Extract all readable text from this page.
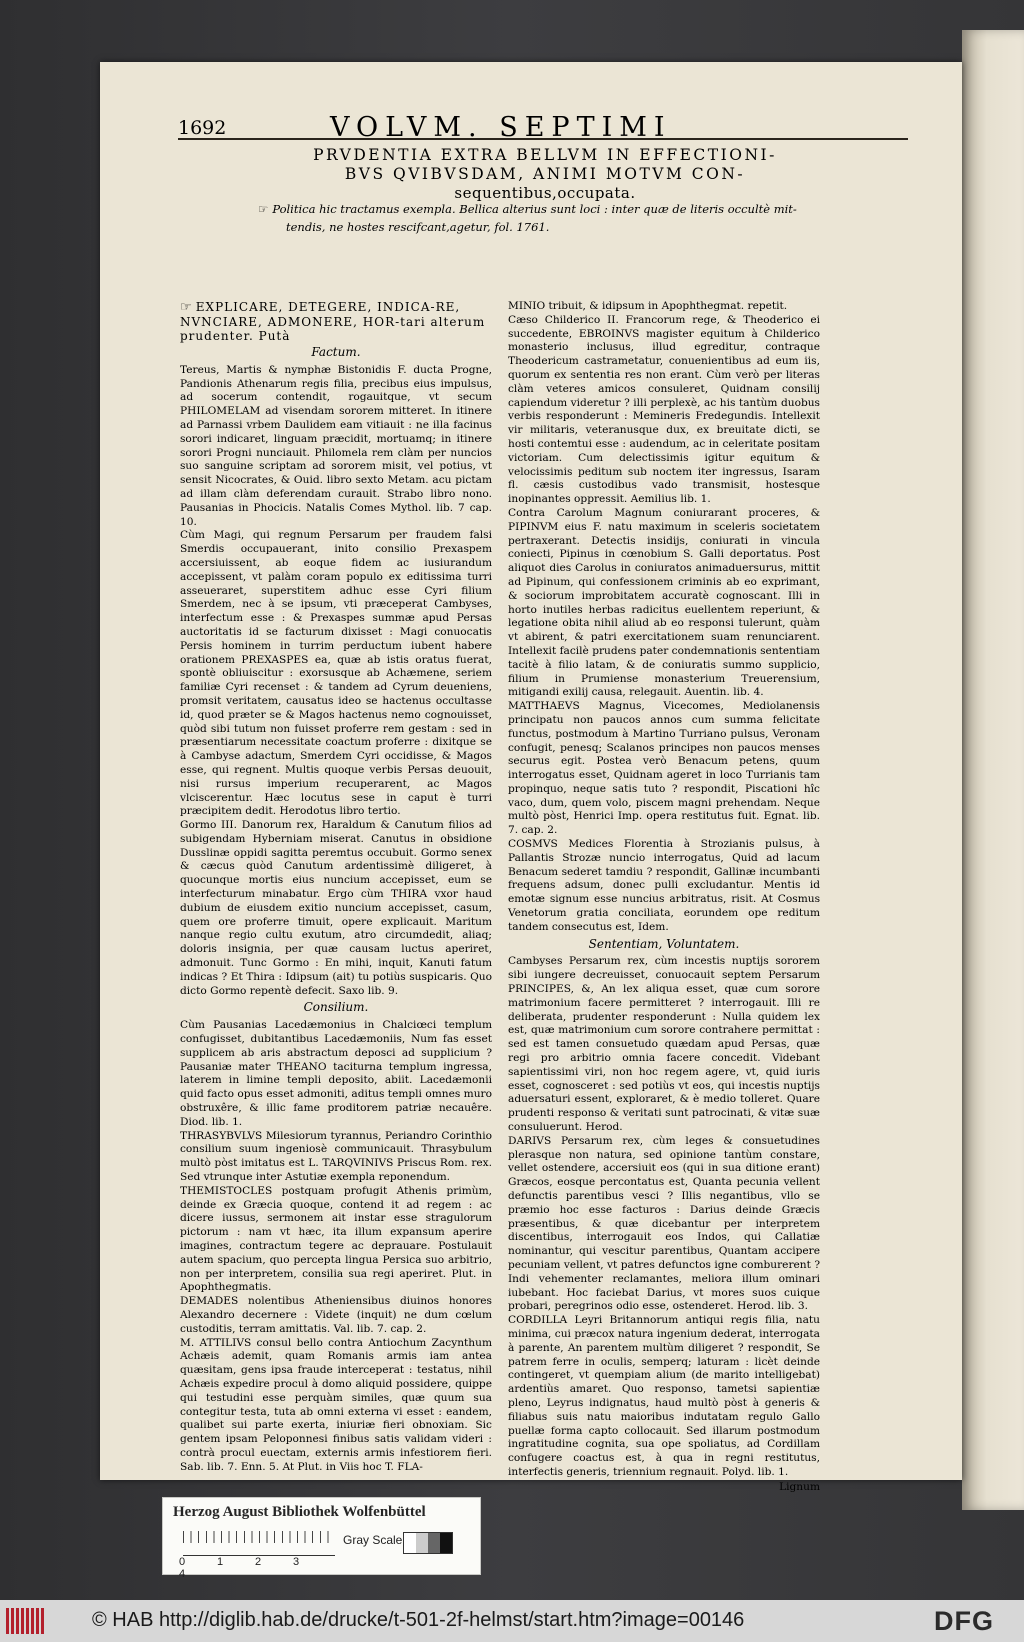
1692	VOLVM. SEPTIMI
PRVDENTIA EXTRA BELLVM IN EFFECTIONI-
BVS QVIBVSDAM, ANIMI MOTVM CON-
sequentibus,occupata.
☞ Politica hic tractamus exempla. Bellica alterius sunt loci : inter quæ de literis occultè mit-
tendis, ne hostes rescifcant,agetur, fol. 1761.

☞ EXPLICARE, DETEGERE, INDICA-RE, NVNCIARE, ADMONERE, HOR-tari alterum prudenter. Putà

Factum.

Tereus, Martis & nymphæ Bistonidis F. ducta Progne, Pandionis Athenarum regis filia, precibus eius impulsus, ad socerum contendit, rogauitque, vt secum PHILOMELAM ad visendam sororem mitteret. In itinere ad Parnassi vrbem Daulidem eam vitiauit : ne illa facinus sorori indicaret, linguam præcidit, mortuamq; in itinere sorori Progni nunciauit. Philomela rem clàm per nuncios suo sanguine scriptam ad sororem misit, vel potius, vt sensit Nicocrates, & Ouid. libro sexto Metam. acu pictam ad illam clàm deferendam curauit. Strabo libro nono. Pausanias in Phocicis. Natalis Comes Mythol. lib. 7 cap. 10.

Cùm Magi, qui regnum Persarum per fraudem falsi Smerdis occupauerant, inito consilio Prexaspem accersiuissent, ab eoque fidem ac iusiurandum accepissent, vt palàm coram populo ex editissima turri asseueraret, superstitem adhuc esse Cyri filium Smerdem, nec à se ipsum, vti præceperat Cambyses, interfectum esse : & Prexaspes summæ apud Persas auctoritatis id se facturum dixisset : Magi conuocatis Persis hominem in turrim perductum iubent habere orationem PREXASPES ea, quæ ab istis oratus fuerat, spontè obliuiscitur : exorsusque ab Achæmene, seriem familiæ Cyri recenset : & tandem ad Cyrum deueniens, promsit veritatem, causatus ideo se hactenus occultasse id, quod præter se & Magos hactenus nemo cognouisset, quòd sibi tutum non fuisset proferre rem gestam : sed in præsentiarum necessitate coactum proferre : dixitque se à Cambyse adactum, Smerdem Cyri occidisse, & Magos esse, qui regnent. Multis quoque verbis Persas deuouit, nisi rursus imperium recuperarent, ac Magos vlciscerentur. Hæc locutus sese in caput è turri præcipitem dedit. Herodotus libro tertio.

Gormo III. Danorum rex, Haraldum & Canutum filios ad subigendam Hyberniam miserat. Canutus in obsidione Dusslinæ oppidi sagitta peremtus occubuit. Gormo senex & cæcus quòd Canutum ardentissimè diligeret, à quocunque mortis eius nuncium accepisset, eum se interfecturum minabatur. Ergo cùm THIRA vxor haud dubium de eiusdem exitio nuncium accepisset, casum, quem ore proferre timuit, opere explicauit. Maritum nanque regio cultu exutum, atro circumdedit, aliaq; doloris insignia, per quæ causam luctus aperiret, admonuit. Tunc Gormo : En mihi, inquit, Kanuti fatum indicas ? Et Thira : Idipsum (ait) tu potiùs suspicaris. Quo dicto Gormo repentè defecit. Saxo lib. 9.

Consilium.

Cùm Pausanias Lacedæmonius in Chalciœci templum confugisset, dubitantibus Lacedæmoniis, Num fas esset supplicem ab aris abstractum deposci ad supplicium ? Pausaniæ mater THEANO taciturna templum ingressa, laterem in limine templi deposito, abiit. Lacedæmonii quid facto opus esset admoniti, aditus templi omnes muro obstruxêre, & illic fame proditorem patriæ necauêre. Diod. lib. 1.

THRASYBVLVS Milesiorum tyrannus, Periandro Corinthio consilium suum ingeniosè communicauit. Thrasybulum multò pòst imitatus est L. TARQVINIVS Priscus Rom. rex. Sed vtrunque inter Astutiæ exempla reponendum.

THEMISTOCLES postquam profugit Athenis primùm, deinde ex Græcia quoque, contend it ad regem : ac dicere iussus, sermonem ait instar esse stragulorum pictorum : nam vt hæc, ita illum expansum aperire imagines, contractum tegere ac deprauare. Postulauit autem spacium, quo percepta lingua Persica suo arbitrio, non per interpretem, consilia sua regi aperiret. Plut. in Apophthegmatis.

DEMADES nolentibus Atheniensibus diuinos honores Alexandro decernere : Videte (inquit) ne dum cœlum custoditis, terram amittatis. Val. lib. 7. cap. 2.

M. ATTILIVS consul bello contra Antiochum Zacynthum Achæis ademit, quam Romanis armis iam antea quæsitam, gens ipsa fraude interceperat : testatus, nihil Achæis expedire procul à domo aliquid possidere, quippe qui testudini esse perquàm similes, quæ quum sua contegitur testa, tuta ab omni externa vi esset : eandem, qualibet sui parte exerta, iniuriæ fieri obnoxiam. Sic gentem ipsam Peloponnesi finibus satis validam videri : contrà procul euectam, externis armis infestiorem fieri. Sab. lib. 7. Enn. 5. At Plut. in Viis hoc T. FLA-

MINIO tribuit, & idipsum in Apophthegmat. repetit.

Cæso Childerico II. Francorum rege, & Theoderico ei succedente, EBROINVS magister equitum à Childerico monasterio inclusus, illud egreditur, contraque Theodericum castrametatur, conuenientibus ad eum iis, quorum ex sententia res non erant. Cùm verò per literas clàm veteres amicos consuleret, Quidnam consilij capiendum videretur ? illi perplexè, ac his tantùm duobus verbis responderunt : Memineris Fredegundis. Intellexit vir militaris, veteranusque dux, ex breuitate dicti, se hosti contemtui esse : audendum, ac in celeritate positam victoriam. Cum delectissimis igitur equitum & velocissimis peditum sub noctem iter ingressus, Isaram fl. cæsis custodibus vado transmisit, hostesque inopinantes oppressit. Aemilius lib. 1.

Contra Carolum Magnum coniurarant proceres, & PIPINVM eius F. natu maximum in sceleris societatem pertraxerant. Detectis insidijs, coniurati in vincula coniecti, Pipinus in cœnobium S. Galli deportatus. Post aliquot dies Carolus in coniuratos animaduersurus, mittit ad Pipinum, qui confessionem criminis ab eo exprimant, & sociorum improbitatem accuratè cognoscant. Illi in horto inutiles herbas radicitus euellentem reperiunt, & legatione obita nihil aliud ab eo responsi tulerunt, quàm vt abirent, & patri exercitationem suam renunciarent. Intellexit facilè prudens pater condemnationis sententiam tacitè à filio latam, & de coniuratis summo supplicio, filium in Prumiense monasterium Treuerensium, mitigandi exilij causa, relegauit. Auentin. lib. 4.

MATTHAEVS Magnus, Vicecomes, Mediolanensis principatu non paucos annos cum summa felicitate functus, postmodum à Martino Turriano pulsus, Veronam confugit, penesq; Scalanos principes non paucos menses securus egit. Postea verò Benacum petens, quum interrogatus esset, Quidnam ageret in loco Turrianis tam propinquo, neque satis tuto ? respondit, Piscationi hîc vaco, dum, quem volo, piscem magni prehendam. Neque multò pòst, Henrici Imp. opera restitutus fuit. Egnat. lib. 7. cap. 2.

COSMVS Medices Florentia à Strozianis pulsus, à Pallantis Strozæ nuncio interrogatus, Quid ad lacum Benacum sederet tamdiu ? respondit, Gallinæ incumbanti frequens adsum, donec pulli excludantur. Mentis id emotæ signum esse nuncius arbitratus, risit. At Cosmus Venetorum gratia conciliata, eorundem ope reditum tandem consecutus est, Idem.

Sententiam, Voluntatem.

Cambyses Persarum rex, cùm incestis nuptijs sororem sibi iungere decreuisset, conuocauit septem Persarum PRINCIPES, &, An lex aliqua esset, quæ cum sorore matrimonium facere permitteret ? interrogauit. Illi re deliberata, prudenter responderunt : Nulla quidem lex est, quæ matrimonium cum sorore contrahere permittat : sed est tamen consuetudo quædam apud Persas, quæ regi pro arbitrio omnia facere concedit. Videbant sapientissimi viri, non hoc regem agere, vt, quid iuris esset, cognosceret : sed potiùs vt eos, qui incestis nuptijs aduersaturi essent, exploraret, & è medio tolleret. Quare prudenti responso & veritati sunt patrocinati, & vitæ suæ consuluerunt. Herod.

DARIVS Persarum rex, cùm leges & consuetudines plerasque non natura, sed opinione tantùm constare, vellet ostendere, accersiuit eos (qui in sua ditione erant) Græcos, eosque percontatus est, Quanta pecunia vellent defunctis parentibus vesci ? Illis negantibus, vllo se præmio hoc esse facturos : Darius deinde Græcis præsentibus, & quæ dicebantur per interpretem discentibus, interrogauit eos Indos, qui Callatiæ nominantur, qui vescitur parentibus, Quantam accipere pecuniam vellent, vt patres defunctos igne comburerent ? Indi vehementer reclamantes, meliora illum ominari iubebant. Hoc faciebat Darius, vt mores suos cuique probari, peregrinos odio esse, ostenderet. Herod. lib. 3.

CORDILLA Leyri Britannorum antiqui regis filia, natu minima, cui præcox natura ingenium dederat, interrogata à parente, An parentem multùm diligeret ? respondit, Se patrem ferre in oculis, semperq; laturam : licèt deinde contingeret, vt quempiam alium (de marito intelligebat) ardentiùs amaret. Quo responso, tametsi sapientiæ pleno, Leyrus indignatus, haud multò pòst à generis & filiabus suis natu maioribus indutatam regulo Gallo puellæ forma capto collocauit. Sed illarum postmodum ingratitudine cognita, sua ope spoliatus, ad Cordillam confugere coactus est, à qua in regni restitutus, interfectis generis, triennium regnauit. Polyd. lib. 1.

Lignum

Herzog August Bibliothek Wolfenbüttel
0	1	2	34
Gray Scale
© HAB http://diglib.hab.de/drucke/t-501-2f-helmst/start.htm?image=00146	DFG
